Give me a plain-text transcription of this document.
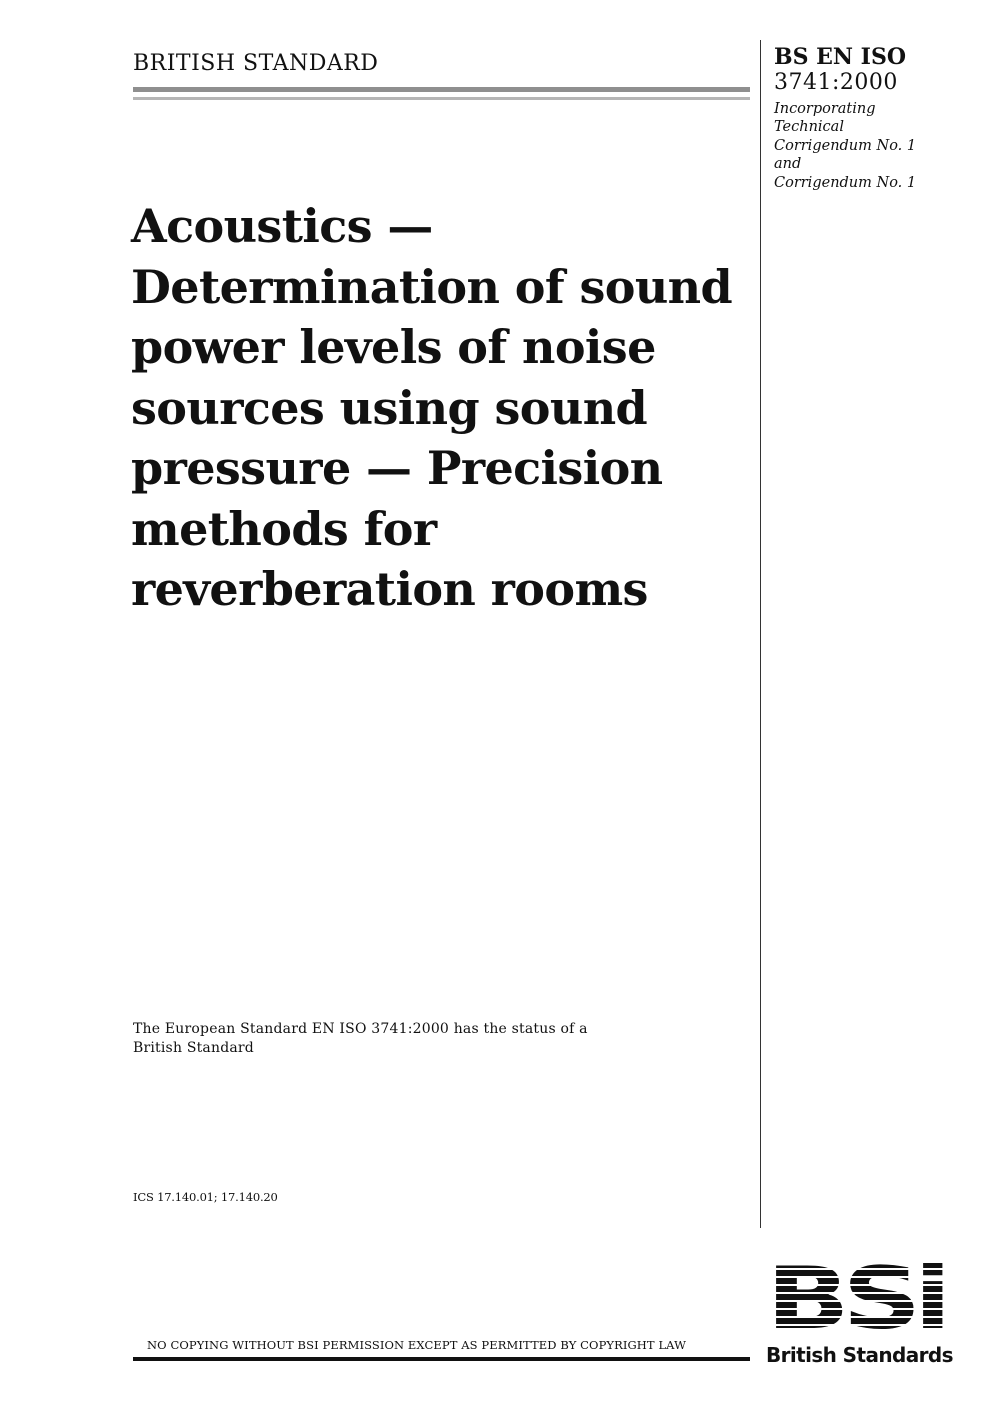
BRITISH STANDARD	BS EN ISO
3741:2000
Incorporating
Technical
Corrigendum No. 1
and
Corrigendum No. 1
Acoustics —
Determination of sound
power levels of noise
sources using sound
pressure — Precision
methods for
reverberation rooms
The European Standard EN ISO 3741:2000 has the status of a
British Standard
ICS 17.140.01; 17.140.20
NO COPYING WITHOUT BSI PERMISSION EXCEPT AS PERMITTED BY COPYRIGHT LAW BSi
British Standards
